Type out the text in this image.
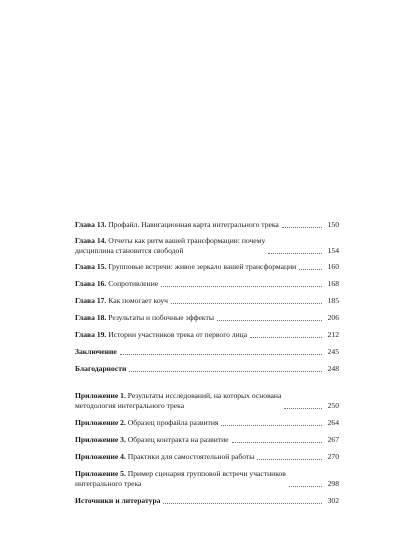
Глава 13. Профайл. Навигационная карта интегрального трека	150
Глава 14. Отчеты как ритм вашей трансформации: почему
дисциплина становится свободой	154
Глава 15. Групповые встречи: живое зеркало вашей трансформации	160
Глава 16. Сопротивление	168
Глава 17. Как помогает коуч	185
Глава 18. Результаты и побочные эффекты	206
Глава 19. Истории участников трека от первого лица	212
Заключение	245
Благодарности	248
Приложение 1. Результаты исследований, на которых основана
методология интегрального трека	250
Приложение 2. Образец профайла развития	264
Приложение 3. Образец контракта на развитие	267
Приложение 4. Практики для самостоятельной работы	270
Приложение 5. Пример сценария групповой встречи участников
интегрального трека	298
Источники и литература	302
